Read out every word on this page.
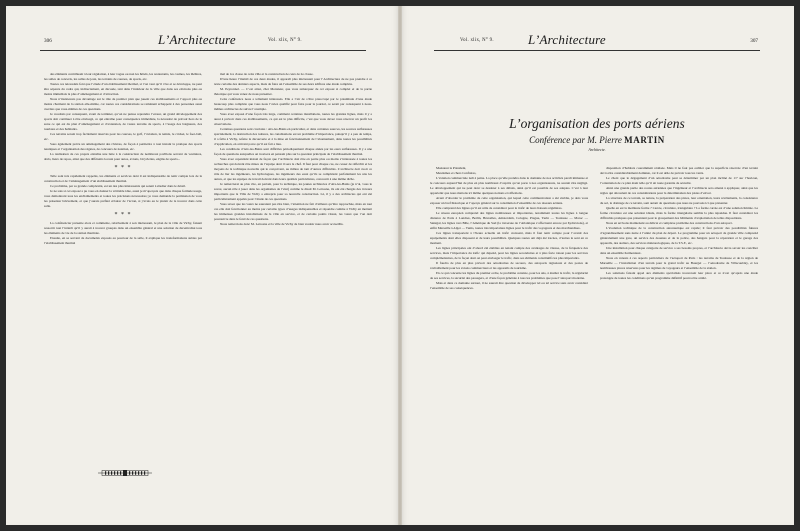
306	L’Architecture	Vol. xlix, N° 9.

des éléments contribuant à leur régulation, à leur vogue ou non les hôtels, les restaurants, les casinos, les théâtres, les salles de concerts, les salles de jeux, les terrains de courses, de sports, etc.

Toutes ces nécessités font que l’étude d’un établissement thermal, si l’on veut qu’il vive et se développe, ne peut être séparée du cadre qui, indirectement, en découle, tant dans l’intérieur de la ville que dans ses environs plus ou moins immédiats la plus d’aménagement et d’attraction.

Nous n’insisterons pas davantage sur le rôle de premier plan que jouent ces établissements et l’apport plus ou moins charmant de la station elle-même, car toutes ces considérations se ramènent échappent à des personnes aussi averties que vous-mêmes de ces questions.

Je voudrais par conséquent, avant de terminer, qu’on ne puisse reprendre l’erreur, un grand développement des sports doit continuer à être envisagé, ce qui entraîne pour conséquence immédiate, la nécessité de prévoir hors de la zone ce qui est du plan d’aménagement et d’extension, de vastes terrains de sports, à l’usage des baigneurs, des touristes et des habitants.

Ces terrains seront trop facilement réservés pour les courses, le golf, l’aviation, le tennis, le cricket, le foot-ball, etc.

Sous également prévu un aménagement des rivières, de façon à permettre à tout instant la pratique des sports nautiques et l’organisation des régates, de concours de natation, etc.

La réalisation de ces projets entraîne une lutte à la construction de nombreux pavillons servant de vestiaires, abris, lieux de repos, ainsi que des différents locaux pour autos, avions, bicyclettes, engins de sports...

* * *

Telle sont très rapidement rappelés, les éléments et services dont il est indispensable de tenir compte lors de la construction et de l’aménagement d’un établissement thermal.

Ce problème, par sa grande complexité, est un des plus intéressants qui soient à étudier dans le détail.

Je ne sais si cet exposé a pu vous en donner la véritable idée, aussi je m’aperçois que dans chaque formule usage, vous démontrent tous les enchaînements et toutes les précisions nécessaires; je vous demande la permission de vous les présenter brièvement, et que j’aurais préféré éclairer de l’écran, si j’avais eu le plaisir de le trouver dans cette salle.

* * *

La conférencier présente alors et commente, relativement à son intéressant, le plan de la ville de Vichy, faisant ressortir tout l’intérêt qu’il y aurait à trouver groupés dans un ensemble général et une solution de décentralisé tous les éléments de vie de la station thermale.

Ensuite, en se servant de documents exposés au pourtour de la salle, il explique les transformations subies par l’établissement thermal

mal de 1re classe de cette ville et la construction de ceux de 2e classe.

D’une heure l’intérêt de ces deux études, il apparaît plus intéressant pour l’Architecture de ne pas prendre à ce texte certains des derniers aspects, mais de faire un l’ensemble de ses deux édifices une étude complète.

M. Peyronnel. — C’est ainsi, cher Monsieur, que vous remarquez de cet exposé si complet et de la partie théorique qui vous venez de nous présenter.

Cette conférence nous a tellement intéressés. Elle a l’air de s’être préoccupé par le préambule d’une étude beaucoup plus complète que vous nous l’aviez qualifié pour faire pour le journal, ce serait par conséquent à nous-mêmes architectes de suivre l’exemple.

Vous avez exposé d’une façon très large, comment certaines installations, toutes les grandes lignes, mais il y a aussi à prévoir dans ces établissements, ce qui est le plus difficile, c’est que vous devez vous réserver un profit les observations.

Certaines questions sont cruciales : Aix-les-Bains en particulier, et dans certaines sources, les sources sulfureuses spécialement, la destruction des toitures, les canalisations est un problème d’importance, puisqu’il y a peu de temps, il a fallu à Vichy, refaire la découverte et à la mise en fonctionnement de l’abonnement, dans toutes les possibilités d’application, en arrivant parce qu’il est fait a lieu.

Les conditions d’Aix-les-Bains sont difficiles périodiquement chaque année par les eaux sulfureuses. Il y a une façon de questions auxquelles on trouvera en pensant plus sur la question principale de l’établissement thermal.

Vous avez cependant insisté de façon que l’architecte doit être en partie plus ou moins s’intéressée à toutes les recherches qui doivent être mises de l’équipe dont il sera le chef. Il faut pour chaque cas, ne cesser de réfléchir et les moyens de la technique nouvelle qui le conçoivent, au milieu de tant d’autres difficultés. L’architecte doit avoir ce rôle de lier les ingénieurs, les hydrologues, les ingénieurs des eaux qu’ils se complètent parfaitement les uns les autres, et que les équipes de travail doivent dans leurs qualités particulières, concourir à une même tâche.

Je remercierai au plus vite, en partant, pour la technique, les jeunes architectes d’Aix-les-Bains (je n’ai, vous le savez, aucun rôle à jouer dans les organismes de l’état) comme le disait M. Letrosne, ils ont été chargés des travaux importants que la Ville de Vichy a entrepris pour sa nouvelle construction. Là, il y a des architectes qui ont été particulièrement appelés pour l’étude de ces questions.

Vous savez que les vœux ne sauraient pas être bien, l’attention ne fait d’ailleurs qu’être rapprochée, mais en tout cas elle doit fonctionner au moins par certains types d’usages indispensables et répondre comme à Vichy en mettant les immenses grandes installations de la ville en service, et de certains points vitaux, les vœux que l’on doit poursuivre dans le fond de ces questions.

Nous remercions donc M. Letrosne et la ville de Vichy de bien vouloir nous avoir accueillis.

Vol. xlix, N° 9.	L’Architecture	307
L’organisation des ports aériens
Conférence par M. Pierre MARTIN
Architecte.

Monsieur le Président,

Mesdames et chers Confrères,

L’aviation commerciale naît à peine. La place qu’elle prendra dans le domaine de nos activités paraît immense et le concours aujourd’hui de plus en plus nombreux d’esprits qu’on porte à nos organisateurs, ne saurait être négligé. Le développement qui ne peut donc se dessiner à ses débuts, ainsi qu’il est possible de ses adeptes. C’est à leur appartenir que nous mettons ici même quelques notions et réflexions.

Avant d’aborder le problème de cette organisation, qui lequel cette communication a été établie, je dois vous exposer un bref historique et l’aperçu général sur la constitution d’ensemble de ces réseaux aériens.

Elle comprend des lignes qu’il est utile de considérer pour le trafic de leurs liaisons régulières.

Le réseau européen comprend des lignes nombreuses et importantes, notamment toutes les lignes à longue distance de Paris à Londres, Berlin, Bruxelles, Amsterdam, Cologne, Prague, Turin — Toulouse — Maroc — Sénégal, les lignes vers Bâle, l’Amérique du Sud (la traversée de l’Atlantique s’effectuant encore par hydravions), et enfin Marseille à Alger — Tunis, toutes très importantes lignes pour le trafic des voyageurs et des marchandises.

Ces lignes transportent à l’heure actuelle un trafic croissant, mais il faut tenir compte pour l’avenir des équipements dont elles disposent et de leurs possibilités. Quelques routes ont déjà été tracées, d’autres le sont en ce moment.

Les lignes principales ont d’abord été établies en tenant compte des avantages de vitesse, de la fréquence des services, mais l’importance du trafic qui dépend, pour les lignes secondaires et à plus forte raison pour les services complémentaires, de la façon dont on peut envisager le trafic, dans ses éléments constitutifs les plus importants.

Il faudra de plus en plus prévoir des aérodromes de secours, des aéroports régionaux et des postes de ravitaillement pour les avions commerciaux et les appareils de tourisme.

En ce qui concerne les lignes du premier ordre, le problème consiste, pour les uns, à étudier le trafic, la régularité de ses services, la sécurité des passagers, et d’une façon générale à tous les problèmes que pose l’aéroport moderne.

Mais et dans ce domaine surtout, il ne saurait être question de développer tel ou tel service sans avoir considéré l’ensemble de ses conséquences.

disposition d’habitats couramment réalisée. Mais il ne faut pas oublier que la superficie réservée d’un terrain devra être considérablement dominée, car il est utile de prévoir tous les vents.

Le choix que le dégagement d’un aérodrome peut se déterminer par un plan incliné de 1/7 sur l’horizon, l’orientation de ce plan étant telle qu’il ait toute garantie de sécurité.

Ainsi une grande partie des routes aériennes que l’ingénieur et l’architecte sera amené à appliquer, ainsi que les règles qui découlent de ces considérations pour la détermination des pistes d’envol.

La structure de ce terrain, sa nature, la préparation des pistes, leur orientation, leurs revêtements, la consistance du sol, le drainage de ce terrain, sont autant de questions que nous ne pouvons ici que présenter.

Quelle en est la meilleure forme ? Carrée, circulaire, triangulaire ? La forme carrée est d’une solution limitée. La forme circulaire est une solution idéale, mais la forme triangulaire semble la plus répandue. Il faut considérer les difficultés pratiques que présentent pour le groupement des bâtiments d’exploitation de telles dispositions.

Nous en arrivons maintenant au délicat et complexe problème des constructions d’un aéroport.

L’évolution technique de la construction aéronautique est rapide; il faut prévoir des possibilités futures d’agrandissement sans nuire à l’unité du plan de départ. Le programme pour un aéroport de grande ville comprend généralement une gare, un service des douanes et de la police, des hangars pour la réparation et le garage des appareils, des ateliers, des services météorologiques, de la T.S.F., etc.

Une installation pour chaque catégorie de service a ses besoins propres, et l’architecte devra savoir les concilier dans un ensemble harmonieux.

Nous en venons à ces aspects particuliers de l’aéroport de Paris : les terrains de Toulouse et de la région de Marseille — l’installation d’un terrain pour le grand trafic au Bourget — l’aérodrome de Villacoublay, et les nombreuses places réservées pour les régimes de voyageurs et l’ensemble de la station.

Les solutions faisant appel aux éléments spécialisés trouveront leur place et ce n’est qu’après une étude prolongée de toutes les conditions qu’un programme définitif pourra être arrêté.
